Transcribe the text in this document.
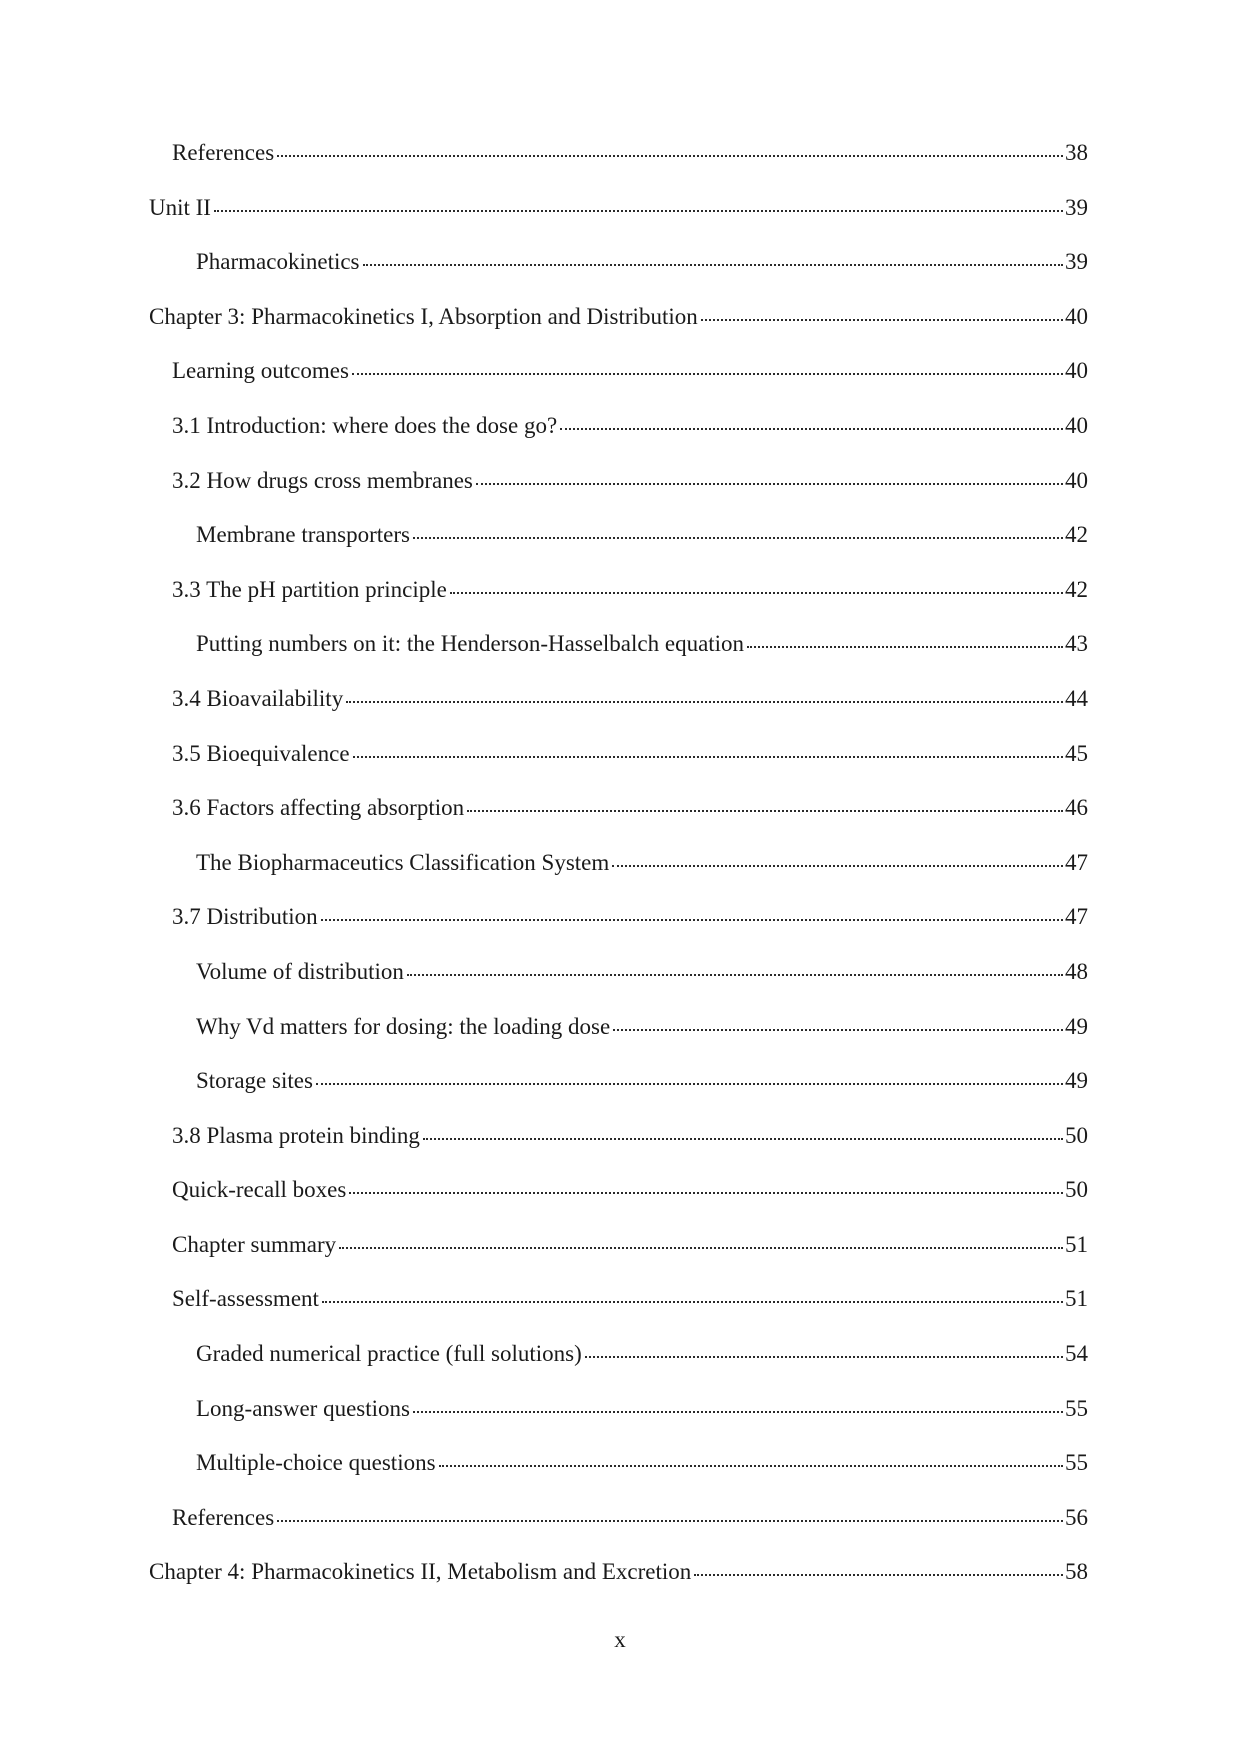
References	38
Unit II	39
Pharmacokinetics	39
Chapter 3: Pharmacokinetics I, Absorption and Distribution	40
Learning outcomes	40
3.1 Introduction: where does the dose go?	40
3.2 How drugs cross membranes	40
Membrane transporters	42
3.3 The pH partition principle	42
Putting numbers on it: the Henderson-Hasselbalch equation	43
3.4 Bioavailability	44
3.5 Bioequivalence	45
3.6 Factors affecting absorption	46
The Biopharmaceutics Classification System	47
3.7 Distribution	47
Volume of distribution	48
Why Vd matters for dosing: the loading dose	49
Storage sites	49
3.8 Plasma protein binding	50
Quick-recall boxes	50
Chapter summary	51
Self-assessment	51
Graded numerical practice (full solutions)	54
Long-answer questions	55
Multiple-choice questions	55
References	56
Chapter 4: Pharmacokinetics II, Metabolism and Excretion	58
x
